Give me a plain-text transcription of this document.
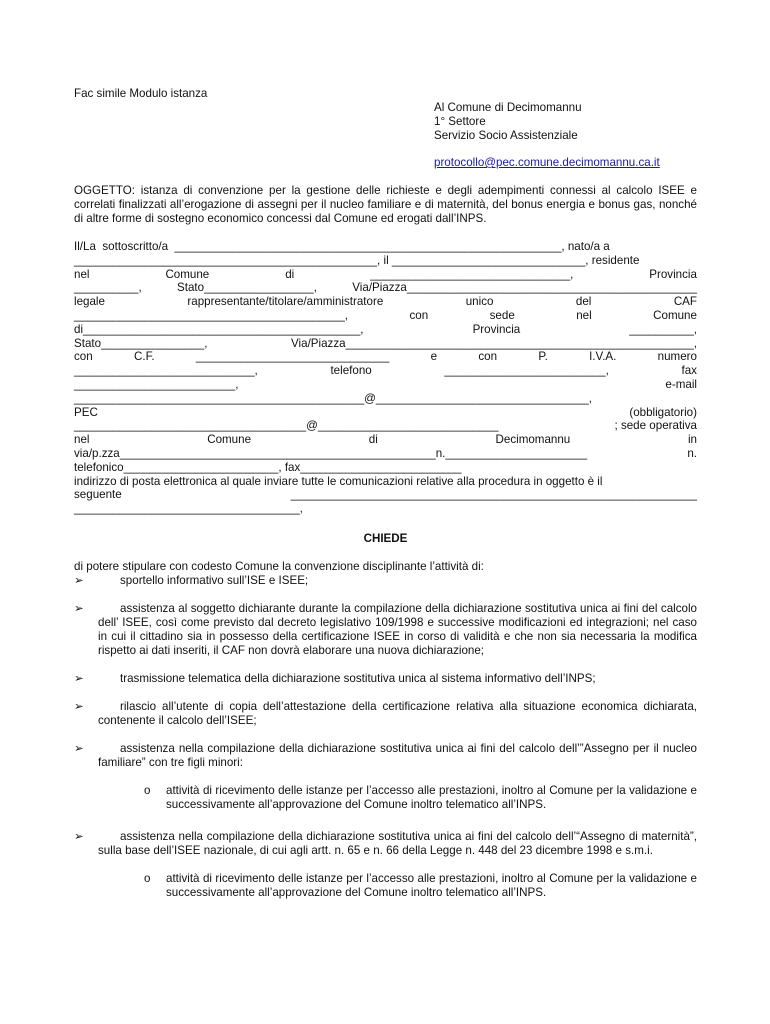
Fac simile Modulo istanza
Al Comune di Decimomannu
1° Settore
Servizio Socio Assistenziale
protocollo@pec.comune.decimomannu.ca.it
OGGETTO: istanza di convenzione per la gestione delle richieste e degli adempimenti connessi al calcolo ISEE e correlati finalizzati all’erogazione di assegni per il nucleo familiare e di maternità, del bonus energia e bonus gas, nonché di altre forme di sostegno economico concessi dal Comune ed erogati dall’INPS.
Il/La  sottoscritto/a  ____________________________________________________________, nato/a a
_______________________________________________, il ______________________________, residente
nel	Comune	di	_______________________________,	Provincia
__________,	Stato_________________,	Via/Piazza_____________________________________________
legale	rappresentante/titolare/amministratore	unico	del	CAF
__________________________________________,	con	sede	nel	Comune
di___________________________________________,	Provincia	__________,
Stato________________,	Via/Piazza______________________________________________________,
con	C.F.	______________________________	e	con	P.	I.V.A.	numero
____________________________,	telefono	_________________________,	fax
_________________________,	e-mail
_____________________________________________@_________________________________,
PEC	(obbligatorio)
____________________________________@____________________________	; sede operativa
nel	Comune	di	Decimomannu	in
via/p.zza_________________________________________________n.______________________	n.
telefonico________________________, fax_________________________
indirizzo di posta elettronica al quale inviare tutte le comunicazioni relative alla procedura in oggetto è il
seguente	_______________________________________________________________
___________________________________,
CHIEDE
di potere stipulare con codesto Comune la convenzione disciplinante l’attività di:
➢	sportello informativo sull’ISE e ISEE;
➢	assistenza al soggetto dichiarante durante la compilazione della dichiarazione sostitutiva unica ai fini del calcolo dell’ ISEE, così come previsto dal decreto legislativo 109/1998 e successive modificazioni ed integrazioni; nel caso in cui il cittadino sia in possesso della certificazione ISEE in corso di validità e che non sia necessaria la modifica rispetto ai dati inseriti, il CAF non dovrà elaborare una nuova dichiarazione;
➢	trasmissione telematica della dichiarazione sostitutiva unica al sistema informativo dell’INPS;
➢	rilascio all’utente di copia dell’attestazione della certificazione relativa alla situazione economica dichiarata, contenente il calcolo dell’ISEE;
➢	assistenza nella compilazione della dichiarazione sostitutiva unica ai fini del calcolo dell’”Assegno per il nucleo familiare” con tre figli minori:
o attività di ricevimento delle istanze per l’accesso alle prestazioni, inoltro al Comune per la validazione e successivamente all’approvazione del Comune inoltro telematico all’INPS.
➢	assistenza nella compilazione della dichiarazione sostitutiva unica ai fini del calcolo dell’“Assegno di maternità”, sulla base dell’ISEE nazionale, di cui agli artt. n. 65 e n. 66 della Legge n. 448 del 23 dicembre 1998 e s.m.i.
o attività di ricevimento delle istanze per l’accesso alle prestazioni, inoltro al Comune per la validazione e successivamente all’approvazione del Comune inoltro telematico all’INPS.
